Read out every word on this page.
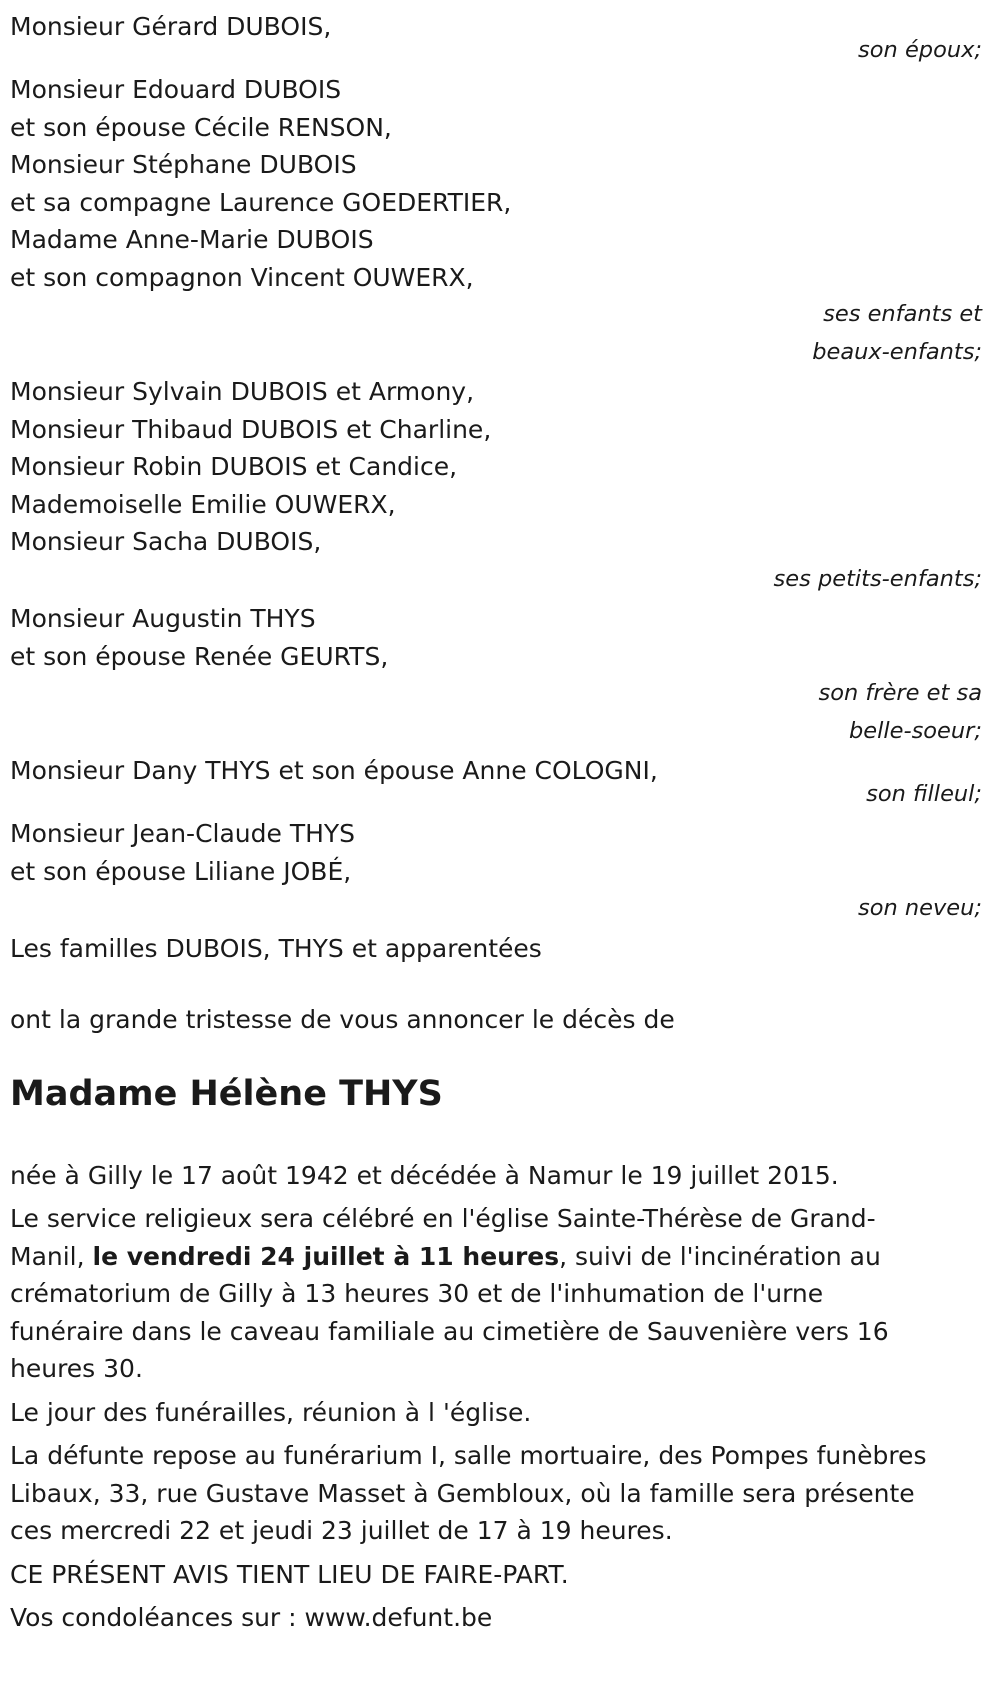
Monsieur Gérard DUBOIS,
son époux;
Monsieur Edouard DUBOIS
et son épouse Cécile RENSON,
Monsieur Stéphane DUBOIS
et sa compagne Laurence GOEDERTIER,
Madame Anne-Marie DUBOIS
et son compagnon Vincent OUWERX,
ses enfants et
beaux-enfants;
Monsieur Sylvain DUBOIS et Armony,
Monsieur Thibaud DUBOIS et Charline,
Monsieur Robin DUBOIS et Candice,
Mademoiselle Emilie OUWERX,
Monsieur Sacha DUBOIS,
ses petits-enfants;
Monsieur Augustin THYS
et son épouse Renée GEURTS,
son frère et sa
belle-soeur;
Monsieur Dany THYS et son épouse Anne COLOGNI,
son filleul;
Monsieur Jean-Claude THYS
et son épouse Liliane JOBÉ,
son neveu;
Les familles DUBOIS, THYS et apparentées
ont la grande tristesse de vous annoncer le décès de
Madame Hélène THYS
née à Gilly le 17 août 1942 et décédée à Namur le 19 juillet 2015.
Le service religieux sera célébré en l'église Sainte-Thérèse de Grand-Manil, le vendredi 24 juillet à 11 heures, suivi de l'incinération au crématorium de Gilly à 13 heures 30 et de l'inhumation de l'urne funéraire dans le caveau familiale au cimetière de Sauvenière vers 16 heures 30.
Le jour des funérailles, réunion à l 'église.
La défunte repose au funérarium I, salle mortuaire, des Pompes funèbres Libaux, 33, rue Gustave Masset à Gembloux, où la famille sera présente ces mercredi 22 et jeudi 23 juillet de 17 à 19 heures.
CE PRÉSENT AVIS TIENT LIEU DE FAIRE-PART.
Vos condoléances sur : www.defunt.be
